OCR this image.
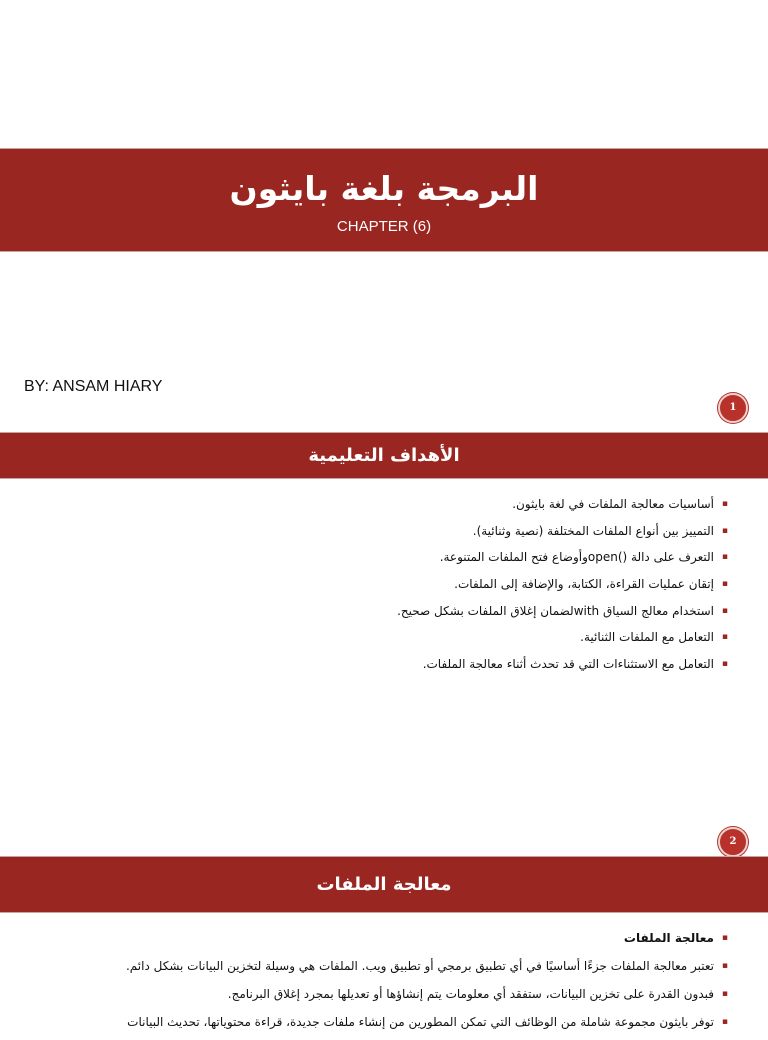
البرمجة بلغة بايثون
CHAPTER (6)
BY: ANSAM HIARY
1
الأهداف التعليمية
▪
أساسيات معالجة الملفات في لغة بايثون.
▪
التمييز بين أنواع الملفات المختلفة (نصية وثنائية).
▪
التعرف على دالة ()openوأوضاع فتح الملفات المتنوعة.
▪
إتقان عمليات القراءة، الكتابة، والإضافة إلى الملفات.
▪
استخدام معالج السياق withلضمان إغلاق الملفات بشكل صحيح.
▪
التعامل مع الملفات الثنائية.
▪
التعامل مع الاستثناءات التي قد تحدث أثناء معالجة الملفات.
2
معالجة الملفات
▪
معالجة الملفات
▪
تعتبر معالجة الملفات جزءًا أساسيًا في أي تطبيق برمجي أو تطبيق ويب. الملفات هي وسيلة لتخزين البيانات بشكل دائم.
▪
فبدون القدرة على تخزين البيانات، ستفقد أي معلومات يتم إنشاؤها أو تعديلها بمجرد إغلاق البرنامج.
▪
توفر بايثون مجموعة شاملة من الوظائف التي تمكن المطورين من إنشاء ملفات جديدة، قراءة محتوياتها، تحديث البيانات
